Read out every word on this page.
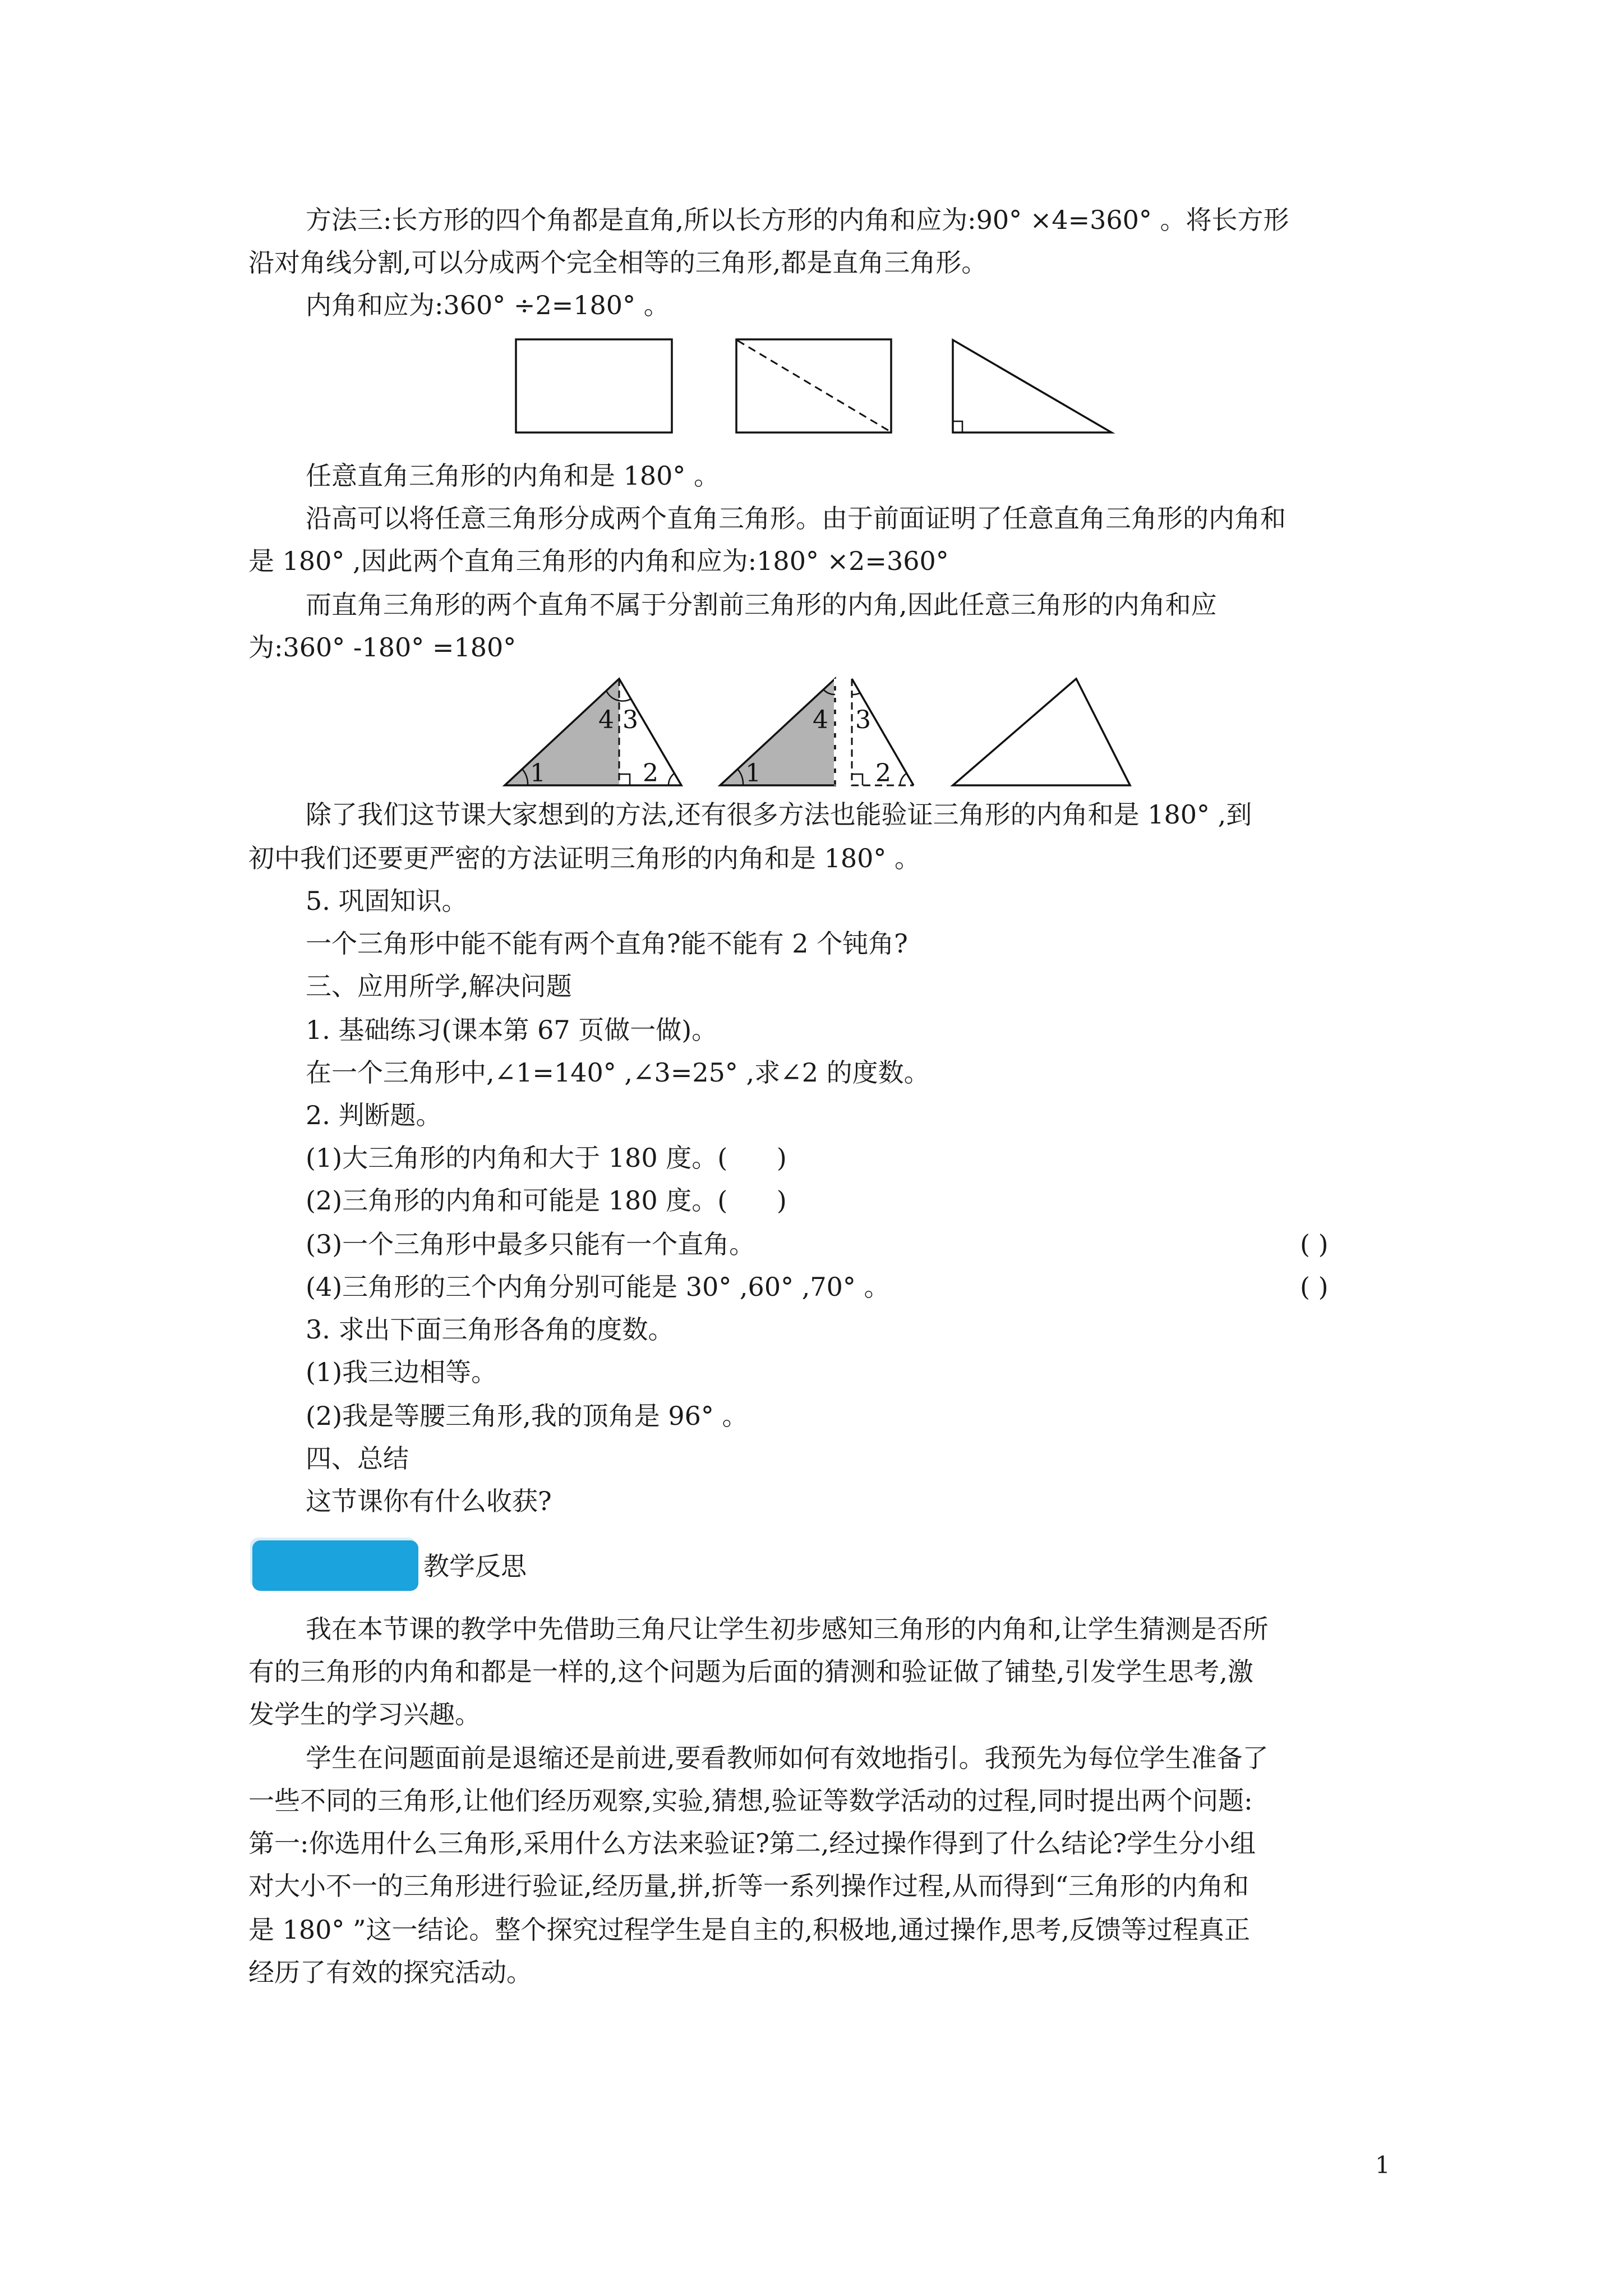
方法三:长方形的四个角都是直角,所以长方形的内角和应为:90° ×4=360° 。将长方形
沿对角线分割,可以分成两个完全相等的三角形,都是直角三角形。
内角和应为:360° ÷2=180° 。
任意直角三角形的内角和是 180° 。
沿高可以将任意三角形分成两个直角三角形。由于前面证明了任意直角三角形的内角和
是 180° ,因此两个直角三角形的内角和应为:180° ×2=360°
而直角三角形的两个直角不属于分割前三角形的内角,因此任意三角形的内角和应
为:360° -180° =180°
1	2
3
4
1	2
3
4
除了我们这节课大家想到的方法,还有很多方法也能验证三角形的内角和是 180° ,到
初中我们还要更严密的方法证明三角形的内角和是 180° 。
5. 巩固知识。
一个三角形中能不能有两个直角?能不能有 2 个钝角?
三、应用所学,解决问题
1. 基础练习(课本第 67 页做一做)。
在一个三角形中,∠1=140° ,∠3=25° ,求∠2 的度数。
2. 判断题。
(1)大三角形的内角和大于 180 度。(      )
(2)三角形的内角和可能是 180 度。(      )
(3)一个三角形中最多只能有一个直角。	( )
(4)三角形的三个内角分别可能是 30° ,60° ,70° 。	( )
3. 求出下面三角形各角的度数。
(1)我三边相等。
(2)我是等腰三角形,我的顶角是 96° 。
四、总结
这节课你有什么收获?
教学反思
我在本节课的教学中先借助三角尺让学生初步感知三角形的内角和,让学生猜测是否所
有的三角形的内角和都是一样的,这个问题为后面的猜测和验证做了铺垫,引发学生思考,激
发学生的学习兴趣。
学生在问题面前是退缩还是前进,要看教师如何有效地指引。我预先为每位学生准备了
一些不同的三角形,让他们经历观察,实验,猜想,验证等数学活动的过程,同时提出两个问题:
第一:你选用什么三角形,采用什么方法来验证?第二,经过操作得到了什么结论?学生分小组
对大小不一的三角形进行验证,经历量,拼,折等一系列操作过程,从而得到“三角形的内角和
是 180° ”这一结论。整个探究过程学生是自主的,积极地,通过操作,思考,反馈等过程真正
经历了有效的探究活动。
1
